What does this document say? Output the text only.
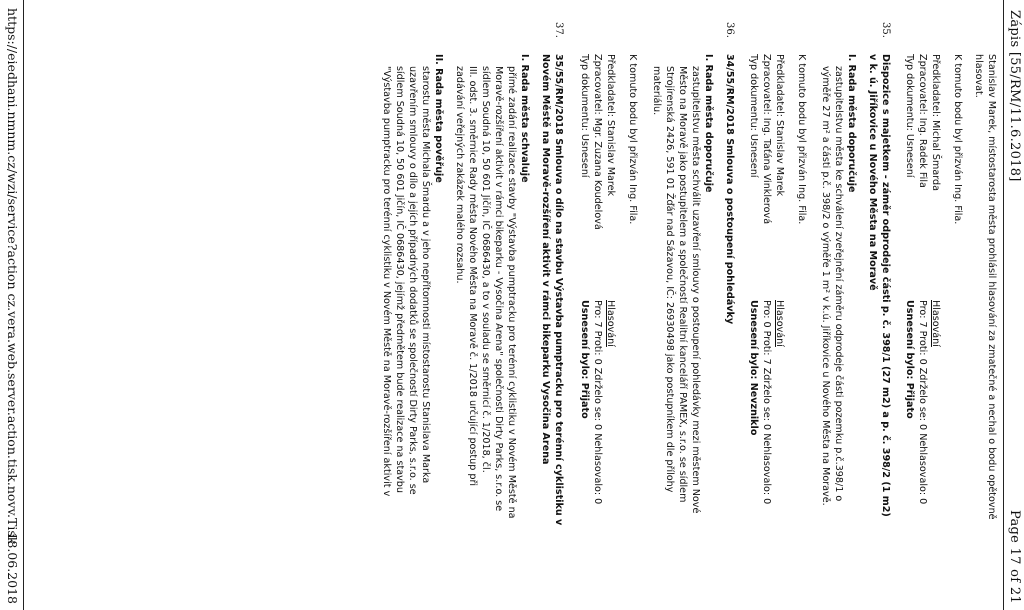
Zápis [55/RM/11.6.2018]
Page 17 of 21
Stanislav Marek, místostarosta města prohlásil hlasování za zmatečné a nechal o bodu opětovně
hlasovat.
K tomuto bodu byl přizván Ing. Fila.
Předkladatel: Michal Šmarda
Zpracovatel: Ing. Radek Fila
Typ dokumentu: Usnesení
Hlasování
Pro: 7 Proti: 0 Zdrželo se: 0 Nehlasovalo: 0
Usnesení bylo: Přijato
35.
Dispozice s majetkem - záměr odprodeje části p. č. 398/1 (27 m2) a p. č. 398/2 (1 m2)
v k. ú. Jiříkovice u Nového Města na Moravě
I. Rada města doporučuje
zastupitelstvu města ke schválení zveřejnění záměru odprodeje části pozemku p.č.398/1 o
výměře 27 m² a části p.č. 398/2 o výměře 1 m² v k.ú. Jiříkovice u Nového Města na Moravě.
K tomuto bodu byl přizván Ing. Fila.
Předkladatel: Stanislav Marek
Zpracovatel: Ing. Taťána Vinklerová
Typ dokumentu: Usnesení
Hlasování
Pro: 0 Proti: 7 Zdrželo se: 0 Nehlasovalo: 0
Usnesení bylo: Nevzniklo
36.
34/55/RM/2018 Smlouva o postoupení pohledávky
I. Rada města doporučuje
zastupitelstvu města schválit uzavření smlouvy o postoupení pohledávky mezi městem Nové
Město na Moravě jako postupitelem a společností Realitní kanceláří PAMEX, s.r.o. se sídlem
Strojírenská 2426, 591 01 Žďár nad Sázavou, IČ: 26930498 jako postupníkem dle přílohy
materiálu.
K tomuto bodu byl přizván Ing. Fila.
Předkladatel: Stanislav Marek
Zpracovatel: Mgr. Zuzana Koudelová
Typ dokumentu: Usnesení
Hlasování
Pro: 7 Proti: 0 Zdrželo se: 0 Nehlasovalo: 0
Usnesení bylo: Přijato
37.
35/55/RM/2018 Smlouva o dílo na stavbu Výstavba pumptracku pro terénní cyklistiku v
Novém Městě na Moravě-rozšíření aktivit v rámci bikeparku Vysočina Arena
I. Rada města schvaluje
přímé zadání realizace stavby "Výstavba pumptracku pro terénní cyklistiku v Novém Městě na
Moravě-rozšíření aktivit v rámci bikeparku - Vysočina Arena" společnosti Dirty Parks, s.r.o. se
sídlem Soudná 10, 50 601 Jičín, IČ 0686430, a to v souladu se směrnicí č. 1/2018, čl.
III. odst. 3. směrnice Rady města Nového Města na Moravě č. 1/2018 určující postup při
zadávání veřejných zakázek malého rozsahu.
II. Rada města pověřuje
starostu města Michala Šmardu a v jeho nepřítomnosti místostarostu Stanislava Marka
uzavřením smlouvy o dílo a jejích případných dodatků se společností Dirty Parks, s.r.o. se
sídlem Soudná 10, 50 601 Jičín, IČ 0686430, jejímž předmětem bude realizace na stavbu
"Výstavba pumptracku pro terénní cyklistiku v Novém Městě na Moravě-rozšíření aktivit v
https://eiedhani.nmnm.cz/wzi/service?action cz.vera.web.server.action.tisk.novv.Tisk
18.06.2018
